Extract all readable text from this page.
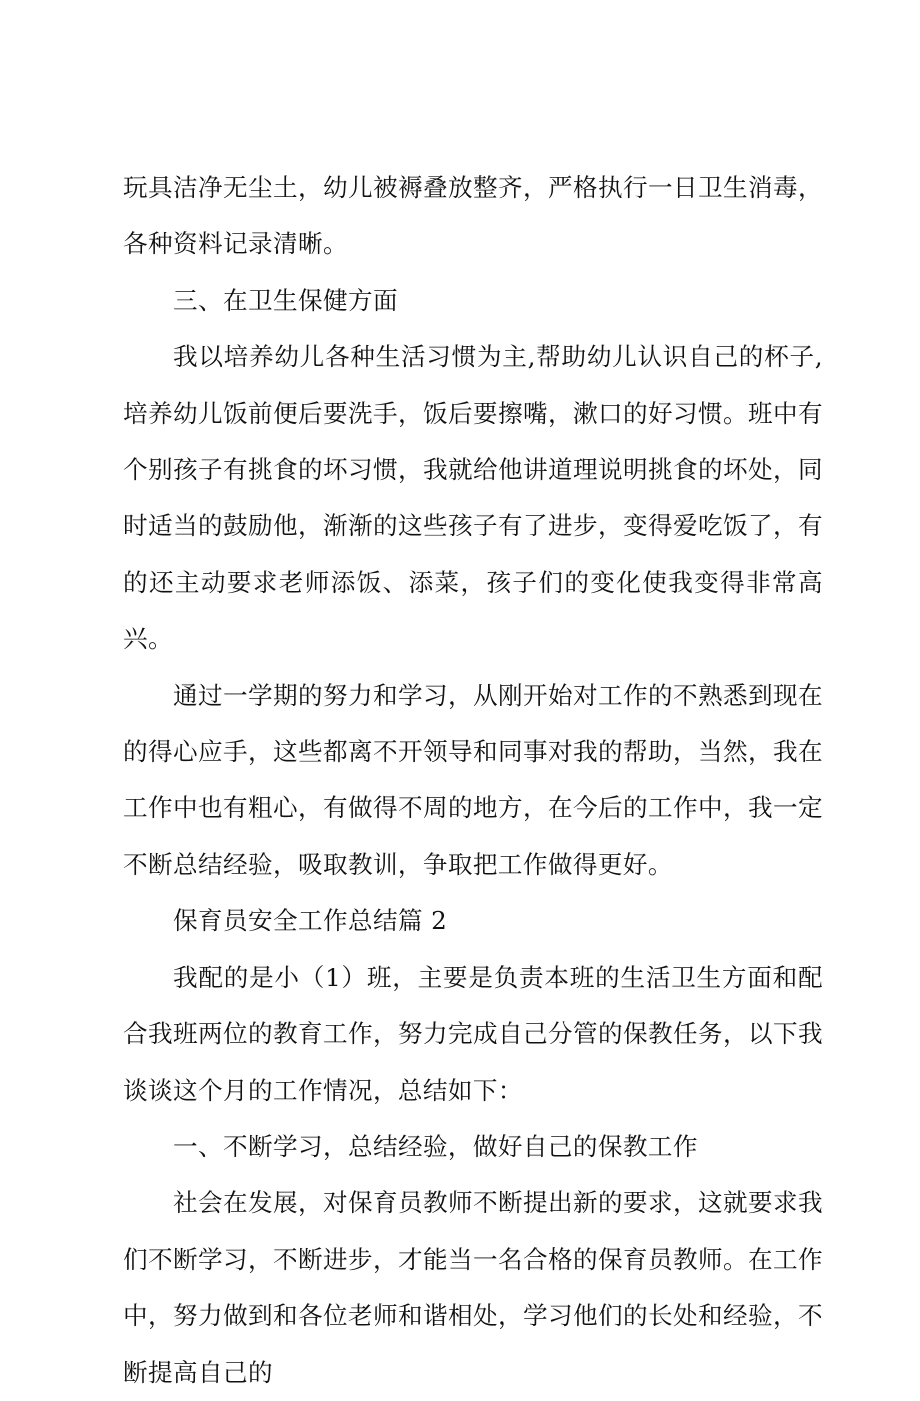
玩具洁净无尘土，幼儿被褥叠放整齐，严格执行一日卫生消毒，各种资料记录清晰。

三、在卫生保健方面

我以培养幼儿各种生活习惯为主,帮助幼儿认识自己的杯子,培养幼儿饭前便后要洗手，饭后要擦嘴，漱口的好习惯。班中有个别孩子有挑食的坏习惯，我就给他讲道理说明挑食的坏处，同时适当的鼓励他，渐渐的这些孩子有了进步，变得爱吃饭了，有的还主动要求老师添饭、添菜，孩子们的变化使我变得非常高兴。

通过一学期的努力和学习，从刚开始对工作的不熟悉到现在的得心应手，这些都离不开领导和同事对我的帮助，当然，我在工作中也有粗心，有做得不周的地方，在今后的工作中，我一定不断总结经验，吸取教训，争取把工作做得更好。

保育员安全工作总结篇 2

我配的是小（1）班，主要是负责本班的生活卫生方面和配合我班两位的教育工作，努力完成自己分管的保教任务，以下我谈谈这个月的工作情况，总结如下：

一、不断学习，总结经验，做好自己的保教工作

社会在发展，对保育员教师不断提出新的要求，这就要求我们不断学习，不断进步，才能当一名合格的保育员教师。在工作中，努力做到和各位老师和谐相处，学习他们的长处和经验，不断提高自己的
